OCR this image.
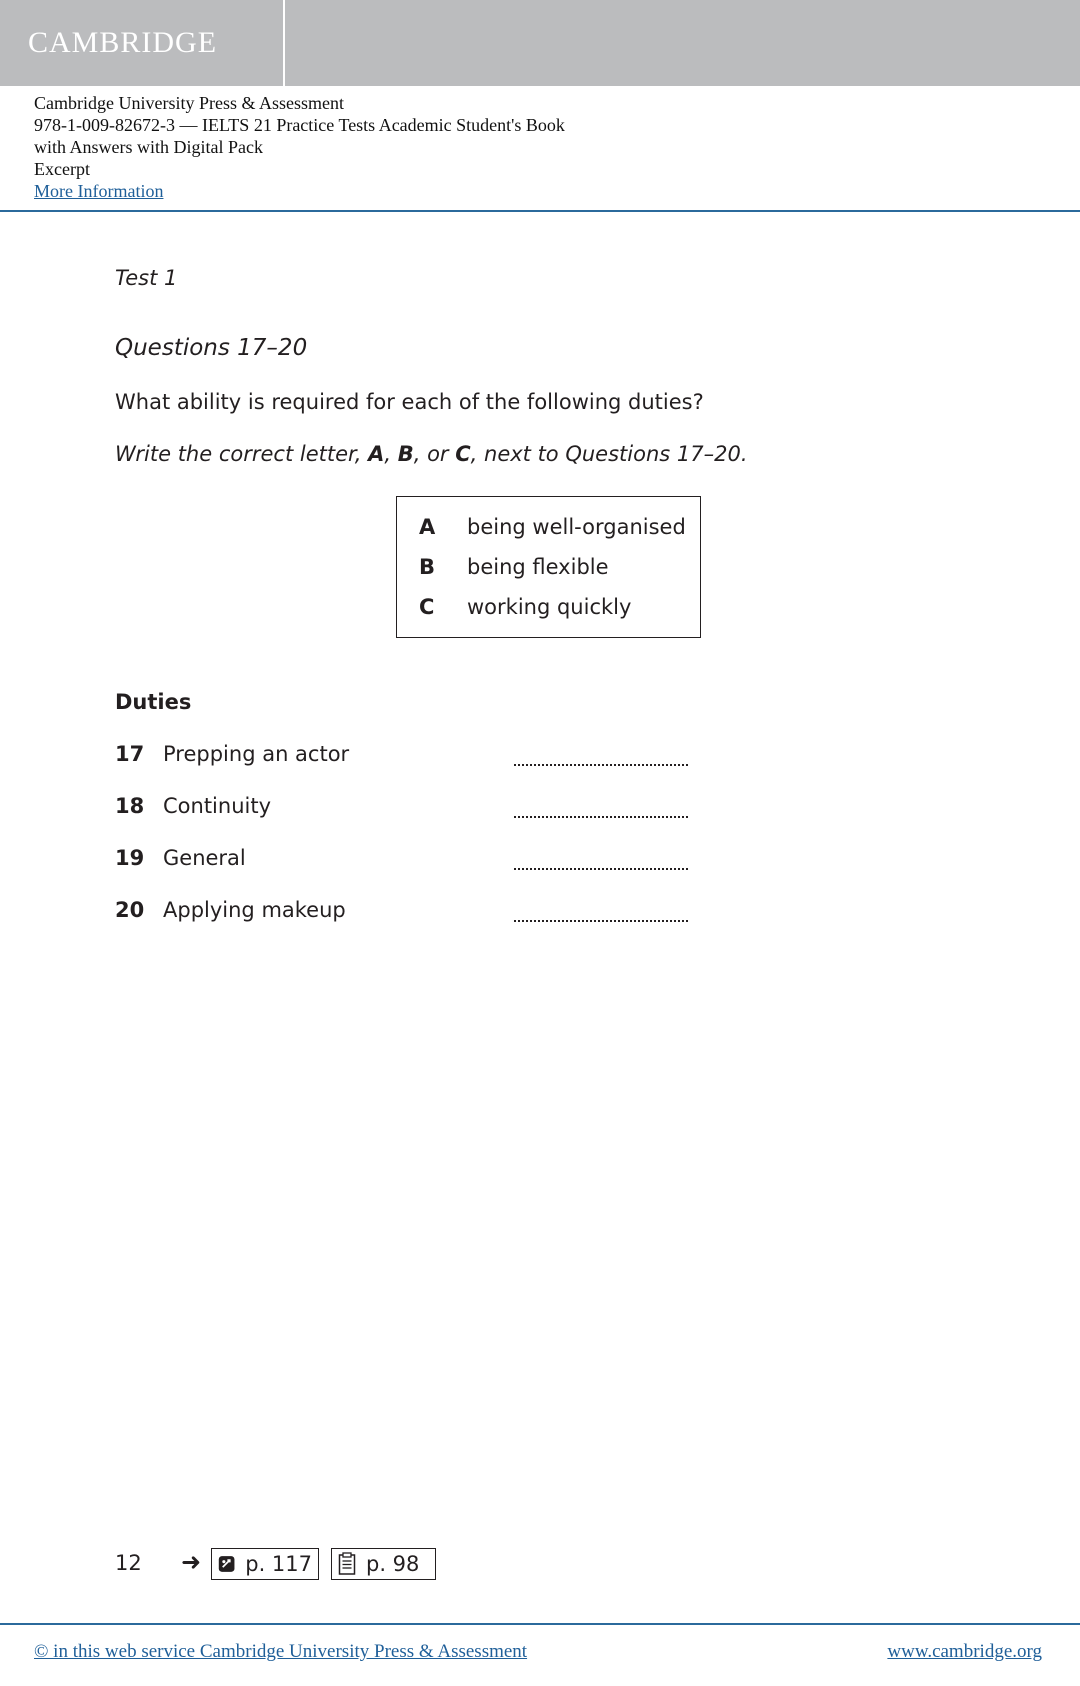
CAMBRIDGE
Cambridge University Press & Assessment
978-1-009-82672-3 — IELTS 21 Practice Tests Academic Student's Book
with Answers with Digital Pack
Excerpt
More Information
Test 1
Questions 17–20
What ability is required for each of the following duties?
Write the correct letter, A, B, or C, next to Questions 17–20.
A being well-organised
B being flexible
C working quickly
Duties
17 Prepping an actor
18 Continuity
19 General
20 Applying makeup
12 ➜ p. 117	p. 98
© in this web service Cambridge University Press & Assessment	www.cambridge.org
